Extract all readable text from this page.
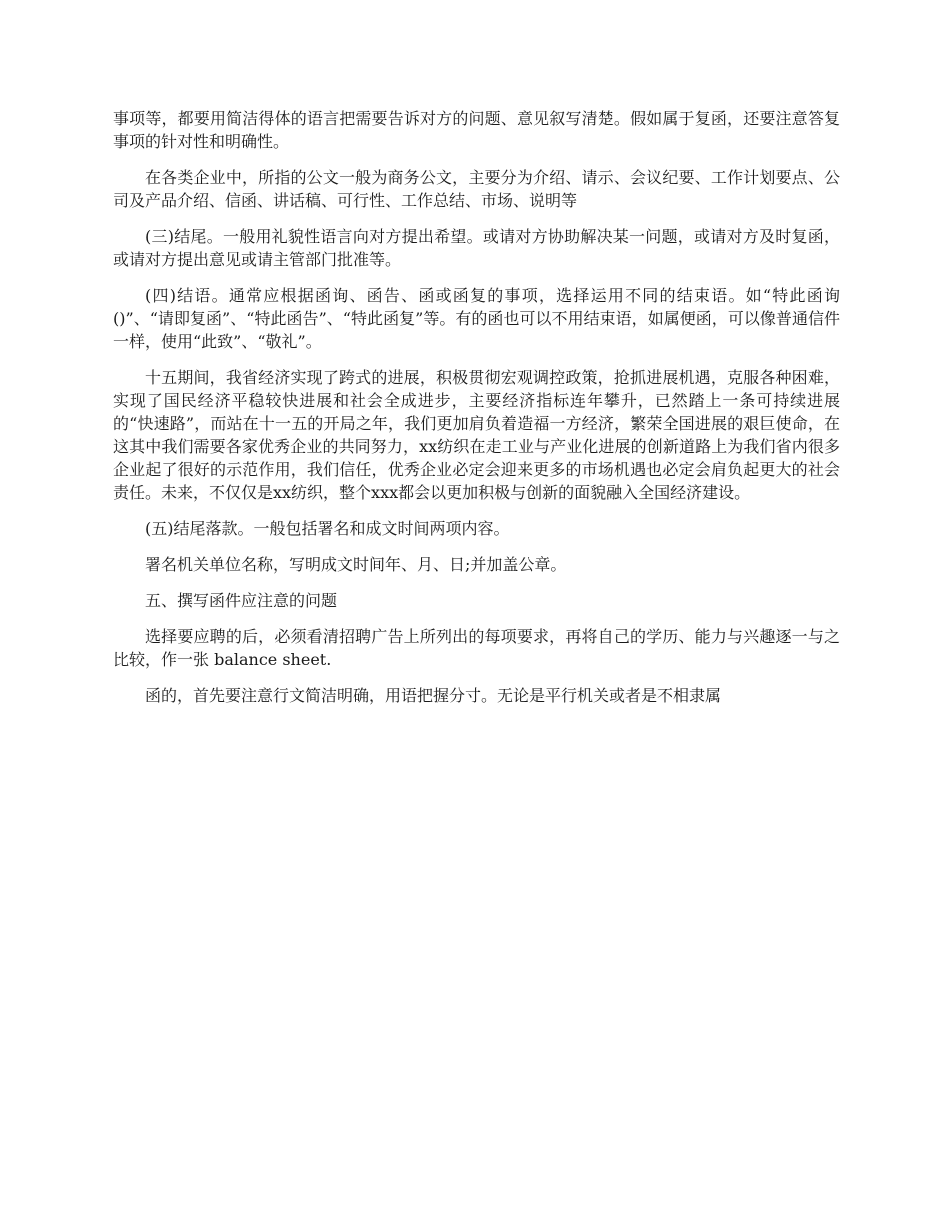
事项等，都要用简洁得体的语言把需要告诉对方的问题、意见叙写清楚。假如属于复函，还要注意答复事项的针对性和明确性。

在各类企业中，所指的公文一般为商务公文，主要分为介绍、请示、会议纪要、工作计划要点、公司及产品介绍、信函、讲话稿、可行性、工作总结、市场、说明等

(三)结尾。一般用礼貌性语言向对方提出希望。或请对方协助解决某一问题，或请对方及时复函，或请对方提出意见或请主管部门批准等。

(四)结语。通常应根据函询、函告、函或函复的事项，选择运用不同的结束语。如“特此函询()”、“请即复函”、“特此函告”、“特此函复”等。有的函也可以不用结束语，如属便函，可以像普通信件一样，使用“此致”、“敬礼”。

十五期间，我省经济实现了跨式的进展，积极贯彻宏观调控政策，抢抓进展机遇，克服各种困难，实现了国民经济平稳较快进展和社会全成进步，主要经济指标连年攀升，已然踏上一条可持续进展的“快速路”，而站在十一五的开局之年，我们更加肩负着造福一方经济，繁荣全国进展的艰巨使命，在这其中我们需要各家优秀企业的共同努力，xx纺织在走工业与产业化进展的创新道路上为我们省内很多企业起了很好的示范作用，我们信任，优秀企业必定会迎来更多的市场机遇也必定会肩负起更大的社会责任。未来，不仅仅是xx纺织，整个xxx都会以更加积极与创新的面貌融入全国经济建设。

(五)结尾落款。一般包括署名和成文时间两项内容。

署名机关单位名称，写明成文时间年、月、日;并加盖公章。

五、撰写函件应注意的问题

选择要应聘的后，必须看清招聘广告上所列出的每项要求，再将自己的学历、能力与兴趣逐一与之比较，作一张 balance sheet.

函的，首先要注意行文简洁明确，用语把握分寸。无论是平行机关或者是不相隶属
